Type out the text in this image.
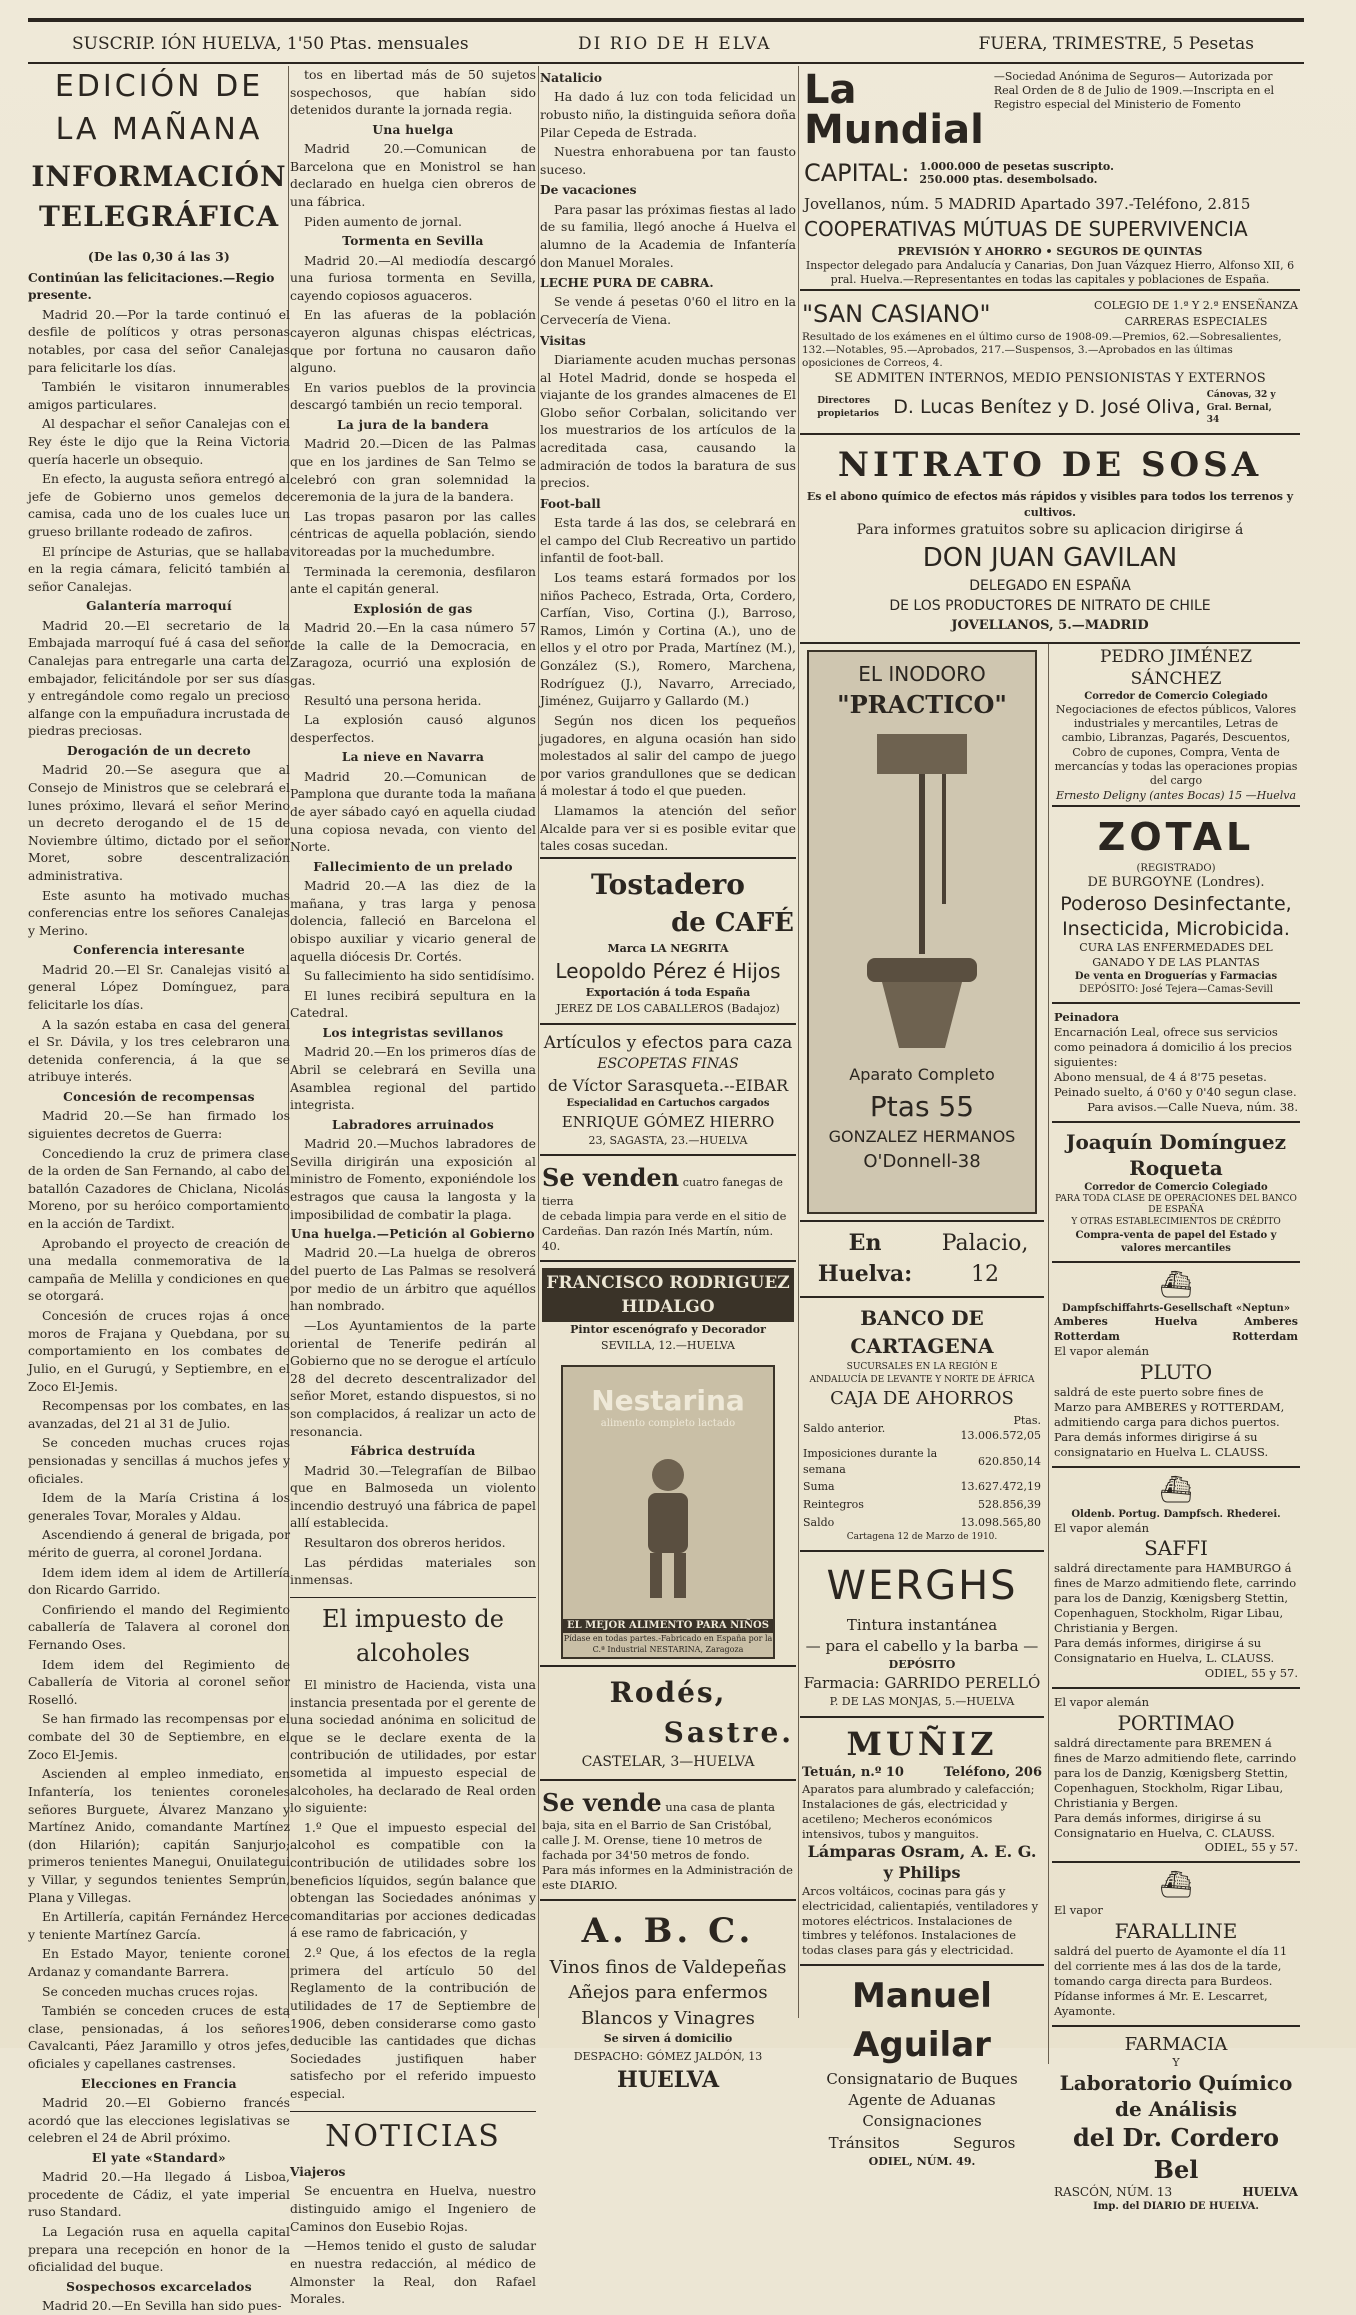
SUSCRIP. IÓN HUELVA, 1'50 Ptas. mensuales	DI RIO DE H ELVA	FUERA, TRIMESTRE, 5 Pesetas
EDICIÓN DE LA MAÑANA
INFORMACIÓN TELEGRÁFICA
(De las 0,30 á las 3)
Continúan las felicitaciones.—Regio presente.

Madrid 20.—Por la tarde continuó el desfile de políticos y otras personas notables, por casa del señor Canalejas para felicitarle los días.

También le visitaron innumerables amigos particulares.

Al despachar el señor Canalejas con el Rey éste le dijo que la Reina Victoria quería hacerle un obsequio.

En efecto, la augusta señora entregó al jefe de Gobierno unos gemelos de camisa, cada uno de los cuales luce un grueso brillante rodeado de zafiros.

El príncipe de Asturias, que se hallaba en la regia cámara, felicitó también al señor Canalejas.

Galantería marroquí

Madrid 20.—El secretario de la Embajada marroquí fué á casa del señor Canalejas para entregarle una carta del embajador, felicitándole por ser sus días y entregándole como regalo un precioso alfange con la empuñadura incrustada de piedras preciosas.

Derogación de un decreto

Madrid 20.—Se asegura que al Consejo de Ministros que se celebrará el lunes próximo, llevará el señor Merino un decreto derogando el de 15 de Noviembre último, dictado por el señor Moret, sobre descentralización administrativa.

Este asunto ha motivado muchas conferencias entre los señores Canalejas y Merino.

Conferencia interesante

Madrid 20.—El Sr. Canalejas visitó al general López Domínguez, para felicitarle los días.

A la sazón estaba en casa del general el Sr. Dávila, y los tres celebraron una detenida conferencia, á la que se atribuye interés.

Concesión de recompensas

Madrid 20.—Se han firmado los siguientes decretos de Guerra:

Concediendo la cruz de primera clase de la orden de San Fernando, al cabo del batallón Cazadores de Chiclana, Nicolás Moreno, por su heróico comportamiento en la acción de Tardixt.

Aprobando el proyecto de creación de una medalla conmemorativa de la campaña de Melilla y condiciones en que se otorgará.

Concesión de cruces rojas á once moros de Frajana y Quebdana, por su comportamiento en los combates de Julio, en el Gurugú, y Septiembre, en el Zoco El-Jemis.

Recompensas por los combates, en las avanzadas, del 21 al 31 de Julio.

Se conceden muchas cruces rojas pensionadas y sencillas á muchos jefes y oficiales.

Idem de la María Cristina á los generales Tovar, Morales y Aldau.

Ascendiendo á general de brigada, por mérito de guerra, al coronel Jordana.

Idem idem idem al idem de Artillería don Ricardo Garrido.

Confiriendo el mando del Regimiento caballería de Talavera al coronel don Fernando Oses.

Idem idem del Regimiento de Caballería de Vitoria al coronel señor Roselló.

Se han firmado las recompensas por el combate del 30 de Septiembre, en el Zoco El-Jemis.

Ascienden al empleo inmediato, en Infantería, los tenientes coroneles señores Burguete, Álvarez Manzano y Martínez Anido, comandante Martínez (don Hilarión); capitán Sanjurjo; primeros tenientes Manegui, Onuilategui y Villar, y segundos tenientes Semprún, Plana y Villegas.

En Artillería, capitán Fernández Herce y teniente Martínez García.

En Estado Mayor, teniente coronel Ardanaz y comandante Barrera.

Se conceden muchas cruces rojas.

También se conceden cruces de esta clase, pensionadas, á los señores Cavalcanti, Páez Jaramillo y otros jefes, oficiales y capellanes castrenses.

Elecciones en Francia

Madrid 20.—El Gobierno francés acordó que las elecciones legislativas se celebren el 24 de Abril próximo.

El yate «Standard»

Madrid 20.—Ha llegado á Lisboa, procedente de Cádiz, el yate imperial ruso Standard.

La Legación rusa en aquella capital prepara una recepción en honor de la oficialidad del buque.

Sospechosos excarcelados

Madrid 20.—En Sevilla han sido pues-

tos en libertad más de 50 sujetos sospechosos, que habían sido detenidos durante la jornada regia.

Una huelga

Madrid 20.—Comunican de Barcelona que en Monistrol se han declarado en huelga cien obreros de una fábrica.

Piden aumento de jornal.

Tormenta en Sevilla

Madrid 20.—Al mediodía descargó una furiosa tormenta en Sevilla, cayendo copiosos aguaceros.

En las afueras de la población cayeron algunas chispas eléctricas, que por fortuna no causaron daño alguno.

En varios pueblos de la provincia descargó también un recio temporal.

La jura de la bandera

Madrid 20.—Dicen de las Palmas que en los jardines de San Telmo se celebró con gran solemnidad la ceremonia de la jura de la bandera.

Las tropas pasaron por las calles céntricas de aquella población, siendo vitoreadas por la muchedumbre.

Terminada la ceremonia, desfilaron ante el capitán general.

Explosión de gas

Madrid 20.—En la casa número 57 de la calle de la Democracia, en Zaragoza, ocurrió una explosión de gas.

Resultó una persona herida.

La explosión causó algunos desperfectos.

La nieve en Navarra

Madrid 20.—Comunican de Pamplona que durante toda la mañana de ayer sábado cayó en aquella ciudad una copiosa nevada, con viento del Norte.

Fallecimiento de un prelado

Madrid 20.—A las diez de la mañana, y tras larga y penosa dolencia, falleció en Barcelona el obispo auxiliar y vicario general de aquella diócesis Dr. Cortés.

Su fallecimiento ha sido sentidísimo.

El lunes recibirá sepultura en la Catedral.

Los integristas sevillanos

Madrid 20.—En los primeros días de Abril se celebrará en Sevilla una Asamblea regional del partido integrista.

Labradores arruinados

Madrid 20.—Muchos labradores de Sevilla dirigirán una exposición al ministro de Fomento, exponiéndole los estragos que causa la langosta y la imposibilidad de combatir la plaga.

Una huelga.—Petición al Gobierno

Madrid 20.—La huelga de obreros del puerto de Las Palmas se resolverá por medio de un árbitro que aquéllos han nombrado.

—Los Ayuntamientos de la parte oriental de Tenerife pedirán al Gobierno que no se derogue el artículo 28 del decreto descentralizador del señor Moret, estando dispuestos, si no son complacidos, á realizar un acto de resonancia.

Fábrica destruída

Madrid 30.—Telegrafían de Bilbao que en Balmoseda un violento incendio destruyó una fábrica de papel allí establecida.

Resultaron dos obreros heridos.

Las pérdidas materiales son inmensas.

El impuesto de alcoholes

El ministro de Hacienda, vista una instancia presentada por el gerente de una sociedad anónima en solicitud de que se le declare exenta de la contribución de utilidades, por estar sometida al impuesto especial de alcoholes, ha declarado de Real orden lo siguiente:

1.º Que el impuesto especial del alcohol es compatible con la contribución de utilidades sobre los beneficios líquidos, según balance que obtengan las Sociedades anónimas y comanditarias por acciones dedicadas á ese ramo de fabricación, y

2.º Que, á los efectos de la regla primera del artículo 50 del Reglamento de la contribución de utilidades de 17 de Septiembre de 1906, deben considerarse como gasto deducible las cantidades que dichas Sociedades justifiquen haber satisfecho por el referido impuesto especial.

NOTICIAS
Viajeros

Se encuentra en Huelva, nuestro distinguido amigo el Ingeniero de Caminos don Eusebio Rojas.

—Hemos tenido el gusto de saludar en nuestra redacción, al médico de Almonster la Real, don Rafael Morales.

Natalicio

Ha dado á luz con toda felicidad un robusto niño, la distinguida señora doña Pilar Cepeda de Estrada.

Nuestra enhorabuena por tan fausto suceso.

De vacaciones

Para pasar las próximas fiestas al lado de su familia, llegó anoche á Huelva el alumno de la Academia de Infantería don Manuel Morales.

LECHE PURA DE CABRA.

Se vende á pesetas 0'60 el litro en la Cervecería de Viena.

Visitas

Diariamente acuden muchas personas al Hotel Madrid, donde se hospeda el viajante de los grandes almacenes de El Globo señor Corbalan, solicitando ver los muestrarios de los artículos de la acreditada casa, causando la admiración de todos la baratura de sus precios.

Foot-ball

Esta tarde á las dos, se celebrará en el campo del Club Recreativo un partido infantil de foot-ball.

Los teams estará formados por los niños Pacheco, Estrada, Orta, Cordero, Carfían, Viso, Cortina (J.), Barroso, Ramos, Limón y Cortina (A.), uno de ellos y el otro por Prada, Martínez (M.), González (S.), Romero, Marchena, Rodríguez (J.), Navarro, Arreciado, Jiménez, Guijarro y Gallardo (M.)

Según nos dicen los pequeños jugadores, en alguna ocasión han sido molestados al salir del campo de juego por varios grandullones que se dedican á molestar á todo el que pueden.

Llamamos la atención del señor Alcalde para ver si es posible evitar que tales cosas sucedan.

Tostadero
de CAFÉ
Marca LA NEGRITA
Leopoldo Pérez é Hijos
Exportación á toda España
JEREZ DE LOS CABALLEROS (Badajoz)
Artículos y efectos para caza
ESCOPETAS FINAS
de Víctor Sarasqueta.--EIBAR
Especialidad en Cartuchos cargados
ENRIQUE GÓMEZ HIERRO
23, SAGASTA, 23.—HUELVA
Se venden cuatro fanegas de tierra
de cebada limpia para verde en el sitio de Cardeñas. Dan razón Inés Martín, núm. 40.
FRANCISCO RODRIGUEZ HIDALGO
Pintor escenógrafo y Decorador
SEVILLA, 12.—HUELVA
Nestarina
alimento completo lactado
EL MEJOR ALIMENTO PARA NIÑOS
Pídase en todas partes.-Fabricado en España por la C.ª Industrial NESTARINA, Zaragoza
Rodés,
Sastre.
CASTELAR, 3—HUELVA
Se vende una casa de planta baja, sita en el Barrio de San Cristóbal, calle J. M. Orense, tiene 10 metros de fachada por 34'50 metros de fondo.
Para más informes en la Administración de este DIARIO.
A. B. C.
Vinos finos de Valdepeñas
Añejos para enfermos
Blancos y Vinagres
Se sirven á domicilio
DESPACHO: GÓMEZ JALDÓN, 13 HUELVA
La Mundial
—Sociedad Anónima de Seguros— Autorizada por Real Orden de 8 de Julio de 1909.—Inscripta en el Registro especial del Ministerio de Fomento
CAPITAL: 1.000.000 de pesetas suscripto.
250.000 ptas. desembolsado.
Jovellanos, núm. 5 MADRID Apartado 397.-Teléfono, 2.815
COOPERATIVAS MÚTUAS DE SUPERVIVENCIA
PREVISIÓN Y AHORRO • SEGUROS DE QUINTAS
Inspector delegado para Andalucía y Canarias, Don Juan Vázquez Hierro, Alfonso XII, 6 pral. Huelva.—Representantes en todas las capitales y poblaciones de España.
"SAN CASIANO"	COLEGIO DE 1.ª Y 2.ª ENSEÑANZA
CARRERAS ESPECIALES
Resultado de los exámenes en el último curso de 1908-09.—Premios, 62.—Sobresalientes, 132.—Notables, 95.—Aprobados, 217.—Suspensos, 3.—Aprobados en las últimas oposiciones de Correos, 4.
SE ADMITEN INTERNOS, MEDIO PENSIONISTAS Y EXTERNOS
Directores propietarios D. Lucas Benítez y D. José Oliva,
Cánovas, 32 y Gral. Bernal, 34
NITRATO DE SOSA
Es el abono químico de efectos más rápidos y visibles para todos los terrenos y cultivos.
Para informes gratuitos sobre su aplicacion dirigirse á
DON JUAN GAVILAN
DELEGADO EN ESPAÑA
DE LOS PRODUCTORES DE NITRATO DE CHILE
JOVELLANOS, 5.—MADRID
EL INODORO
"PRACTICO"
Aparato Completo
Ptas 55
GONZALEZ HERMANOS
O'Donnell-38
En Huelva:
Palacio, 12
BANCO DE CARTAGENA
SUCURSALES EN LA REGIÓN E
ANDALUCÍA DE LEVANTE Y NORTE DE ÁFRICA
CAJA DE AHORROS
Saldo anterior.	Ptas. 13.006.572,05
Imposiciones durante la semana	620.850,14
Suma	13.627.472,19
Reintegros	528.856,39
Saldo	13.098.565,80
Cartagena 12 de Marzo de 1910.
WERGHS
Tintura instantánea
— para el cabello y la barba —
DEPÓSITO
Farmacia: GARRIDO PERELLÓ
P. DE LAS MONJAS, 5.—HUELVA
MUÑIZ
Tetuán, n.º 10	Teléfono, 206
Aparatos para alumbrado y calefacción; Instalaciones de gás, electricidad y acetileno; Mecheros económicos intensivos, tubos y manguitos.
Lámparas Osram, A. E. G. y Philips
Arcos voltáicos, cocinas para gás y electricidad, calientapiés, ventiladores y motores eléctricos. Instalaciones de timbres y teléfonos. Instalaciones de todas clases para gás y electricidad.
Manuel Aguilar
Consignatario de Buques
Agente de Aduanas
Consignaciones
Tránsitos	Seguros
ODIEL, NÚM. 49.
PEDRO JIMÉNEZ SÁNCHEZ
Corredor de Comercio Colegiado
Negociaciones de efectos públicos, Valores industriales y mercantiles, Letras de cambio, Libranzas, Pagarés, Descuentos, Cobro de cupones, Compra, Venta de mercancías y todas las operaciones propias del cargo
Ernesto Deligny (antes Bocas) 15 —Huelva
ZOTAL
(REGISTRADO)
DE BURGOYNE (Londres).
Poderoso Desinfectante,
Insecticida, Microbicida.
CURA LAS ENFERMEDADES DEL GANADO Y DE LAS PLANTAS
De venta en Droguerías y Farmacias
DEPÓSITO: José Tejera—Camas-Sevill
Peinadora
Encarnación Leal, ofrece sus servicios como peinadora á domicilio á los precios siguientes:
Abono mensual, de 4 á 8'75 pesetas.
Peinado suelto, á 0'60 y 0'40 segun clase.
Para avisos.—Calle Nueva, núm. 38.
Joaquín Domínguez Roqueta
Corredor de Comercio Colegiado
PARA TODA CLASE DE OPERACIONES DEL BANCO DE ESPAÑA
Y OTRAS ESTABLECIMIENTOS DE CRÉDITO
Compra-venta de papel del Estado y valores mercantiles
⛴
Dampfschiffahrts-Gesellschaft «Neptun»
Amberes	Huelva	Amberes
Rotterdam	Rotterdam
El vapor alemán
PLUTO
saldrá de este puerto sobre fines de Marzo para AMBERES y ROTTERDAM, admitiendo carga para dichos puertos.
Para demás informes dirigirse á su consignatario en Huelva L. CLAUSS.
⛴
Oldenb. Portug. Dampfsch. Rhederei.
El vapor alemán
SAFFI
saldrá directamente para HAMBURGO á fines de Marzo admitiendo flete, carrindo para los de Danzig, Kœnigsberg Stettin, Copenhaguen, Stockholm, Rigar Libau, Christiania y Bergen.
Para demás informes, dirigirse á su Consignatario en Huelva, L. CLAUSS.
ODIEL, 55 y 57.
El vapor alemán
PORTIMAO
saldrá directamente para BREMEN á fines de Marzo admitiendo flete, carrindo para los de Danzig, Kœnigsberg Stettin, Copenhaguen, Stockholm, Rigar Libau, Christiania y Bergen.
Para demás informes, dirigirse á su Consignatario en Huelva, C. CLAUSS.
ODIEL, 55 y 57.
⛴
El vapor
FARALLINE
saldrá del puerto de Ayamonte el día 11 del corriente mes á las dos de la tarde, tomando carga directa para Burdeos.
Pídanse informes á Mr. E. Lescarret, Ayamonte.
FARMACIA
Y
Laboratorio Químico de Análisis
del Dr. Cordero Bel
RASCÓN, NÚM. 13	HUELVA
Imp. del DIARIO DE HUELVA.
